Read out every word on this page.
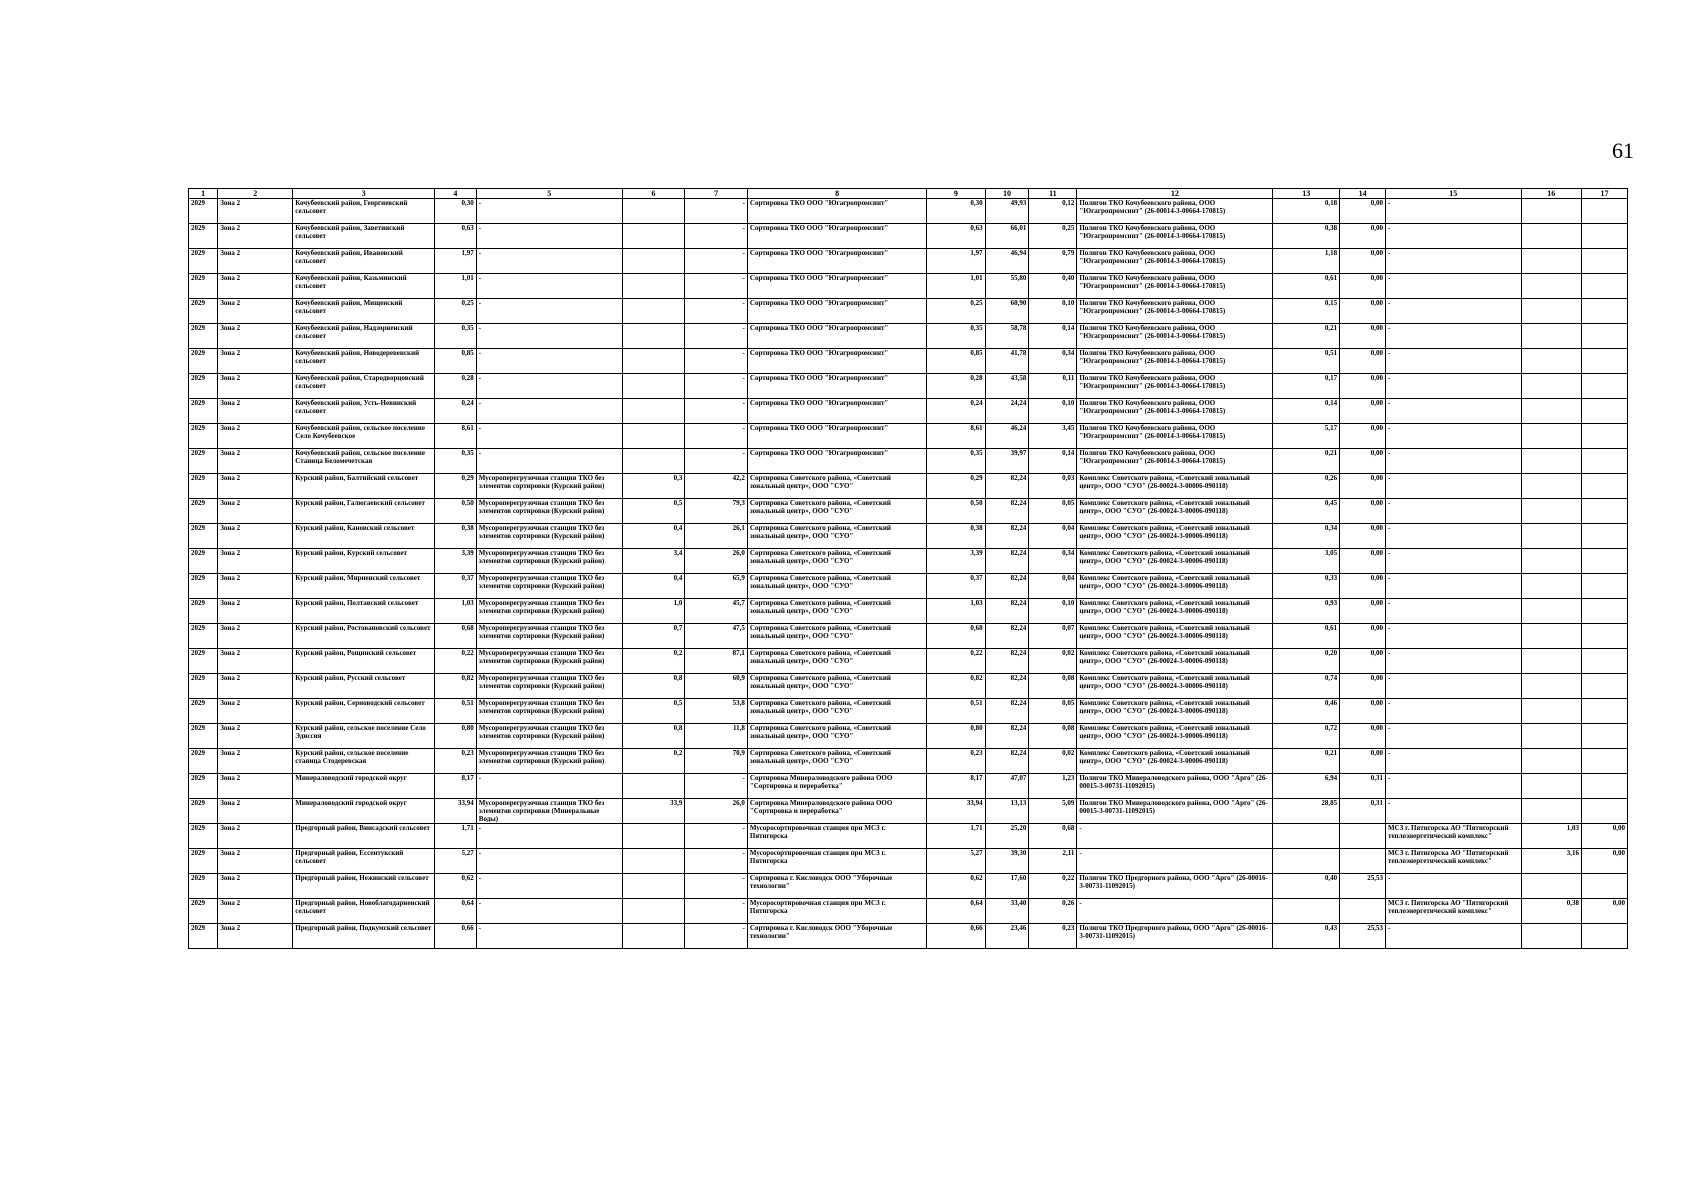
61
1	2	3	4	5	6	7	8	9	10	11	12	13	14	15	16	17
2029	Зона 2	Кочубеевский район, Георгиевский сельсовет	0,30	-		-	Сортировка ТКО ООО "Югагропромсинт"	0,30	49,93	0,12	Полигон ТКО Кочубеевского района, ООО "Югагропромсинт" (26-00014-3-00664-170815)	0,18	0,00	-		
2029	Зона 2	Кочубеевский район, Заветинский сельсовет	0,63	-		-	Сортировка ТКО ООО "Югагропромсинт"	0,63	66,01	0,25	Полигон ТКО Кочубеевского района, ООО "Югагропромсинт" (26-00014-3-00664-170815)	0,38	0,00	-		
2029	Зона 2	Кочубеевский район, Ивановский сельсовет	1,97	-		-	Сортировка ТКО ООО "Югагропромсинт"	1,97	46,94	0,79	Полигон ТКО Кочубеевского района, ООО "Югагропромсинт" (26-00014-3-00664-170815)	1,18	0,00	-		
2029	Зона 2	Кочубеевский район, Казьминский сельсовет	1,01	-		-	Сортировка ТКО ООО "Югагропромсинт"	1,01	55,80	0,40	Полигон ТКО Кочубеевского района, ООО "Югагропромсинт" (26-00014-3-00664-170815)	0,61	0,00	-		
2029	Зона 2	Кочубеевский район, Мищенский сельсовет	0,25	-		-	Сортировка ТКО ООО "Югагропромсинт"	0,25	60,90	0,10	Полигон ТКО Кочубеевского района, ООО "Югагропромсинт" (26-00014-3-00664-170815)	0,15	0,00	-		
2029	Зона 2	Кочубеевский район, Надзорненский сельсовет	0,35	-		-	Сортировка ТКО ООО "Югагропромсинт"	0,35	58,78	0,14	Полигон ТКО Кочубеевского района, ООО "Югагропромсинт" (26-00014-3-00664-170815)	0,21	0,00	-		
2029	Зона 2	Кочубеевский район, Новодеревенский сельсовет	0,85	-		-	Сортировка ТКО ООО "Югагропромсинт"	0,85	41,78	0,34	Полигон ТКО Кочубеевского района, ООО "Югагропромсинт" (26-00014-3-00664-170815)	0,51	0,00	-		
2029	Зона 2	Кочубеевский район, Стародворцовский сельсовет	0,28	-		-	Сортировка ТКО ООО "Югагропромсинт"	0,28	43,58	0,11	Полигон ТКО Кочубеевского района, ООО "Югагропромсинт" (26-00014-3-00664-170815)	0,17	0,00	-		
2029	Зона 2	Кочубеевский район, Усть-Невинский сельсовет	0,24	-		-	Сортировка ТКО ООО "Югагропромсинт"	0,24	24,24	0,10	Полигон ТКО Кочубеевского района, ООО "Югагропромсинт" (26-00014-3-00664-170815)	0,14	0,00	-		
2029	Зона 2	Кочубеевский район, сельское поселение Село Кочубеевское	8,61	-		-	Сортировка ТКО ООО "Югагропромсинт"	8,61	46,24	3,45	Полигон ТКО Кочубеевского района, ООО "Югагропромсинт" (26-00014-3-00664-170815)	5,17	0,00	-		
2029	Зона 2	Кочубеевский район, сельское поселение Станица Беломечетская	0,35	-		-	Сортировка ТКО ООО "Югагропромсинт"	0,35	39,97	0,14	Полигон ТКО Кочубеевского района, ООО "Югагропромсинт" (26-00014-3-00664-170815)	0,21	0,00	-		
2029	Зона 2	Курский район, Балтийский сельсовет	0,29	Мусороперегрузочная станция ТКО без элементов сортировки (Курский район)	0,3	42,2	Сортировка Советского района, «Советский зональный центр», ООО "СУО"	0,29	82,24	0,03	Комплекс Советского района, «Советский зональный центр», ООО "СУО" (26-00024-3-00006-090118)	0,26	0,00	-		
2029	Зона 2	Курский район, Галюгаевский сельсовет	0,50	Мусороперегрузочная станция ТКО без элементов сортировки (Курский район)	0,5	79,3	Сортировка Советского района, «Советский зональный центр», ООО "СУО"	0,50	82,24	0,05	Комплекс Советского района, «Советский зональный центр», ООО "СУО" (26-00024-3-00006-090118)	0,45	0,00	-		
2029	Зона 2	Курский район, Кановский сельсовет	0,38	Мусороперегрузочная станция ТКО без элементов сортировки (Курский район)	0,4	26,1	Сортировка Советского района, «Советский зональный центр», ООО "СУО"	0,38	82,24	0,04	Комплекс Советского района, «Советский зональный центр», ООО "СУО" (26-00024-3-00006-090118)	0,34	0,00	-		
2029	Зона 2	Курский район, Курский сельсовет	3,39	Мусороперегрузочная станция ТКО без элементов сортировки (Курский район)	3,4	26,0	Сортировка Советского района, «Советский зональный центр», ООО "СУО"	3,39	82,24	0,34	Комплекс Советского района, «Советский зональный центр», ООО "СУО" (26-00024-3-00006-090118)	3,05	0,00	-		
2029	Зона 2	Курский район, Мирненский сельсовет	0,37	Мусороперегрузочная станция ТКО без элементов сортировки (Курский район)	0,4	65,9	Сортировка Советского района, «Советский зональный центр», ООО "СУО"	0,37	82,24	0,04	Комплекс Советского района, «Советский зональный центр», ООО "СУО" (26-00024-3-00006-090118)	0,33	0,00	-		
2029	Зона 2	Курский район, Полтавский сельсовет	1,03	Мусороперегрузочная станция ТКО без элементов сортировки (Курский район)	1,0	45,7	Сортировка Советского района, «Советский зональный центр», ООО "СУО"	1,03	82,24	0,10	Комплекс Советского района, «Советский зональный центр», ООО "СУО" (26-00024-3-00006-090118)	0,93	0,00	-		
2029	Зона 2	Курский район, Ростовановский сельсовет	0,68	Мусороперегрузочная станция ТКО без элементов сортировки (Курский район)	0,7	47,5	Сортировка Советского района, «Советский зональный центр», ООО "СУО"	0,68	82,24	0,07	Комплекс Советского района, «Советский зональный центр», ООО "СУО" (26-00024-3-00006-090118)	0,61	0,00	-		
2029	Зона 2	Курский район, Рощинский сельсовет	0,22	Мусороперегрузочная станция ТКО без элементов сортировки (Курский район)	0,2	87,1	Сортировка Советского района, «Советский зональный центр», ООО "СУО"	0,22	82,24	0,02	Комплекс Советского района, «Советский зональный центр», ООО "СУО" (26-00024-3-00006-090118)	0,20	0,00	-		
2029	Зона 2	Курский район, Русский сельсовет	0,82	Мусороперегрузочная станция ТКО без элементов сортировки (Курский район)	0,8	60,9	Сортировка Советского района, «Советский зональный центр», ООО "СУО"	0,82	82,24	0,08	Комплекс Советского района, «Советский зональный центр», ООО "СУО" (26-00024-3-00006-090118)	0,74	0,00	-		
2029	Зона 2	Курский район, Серноводский сельсовет	0,51	Мусороперегрузочная станция ТКО без элементов сортировки (Курский район)	0,5	53,8	Сортировка Советского района, «Советский зональный центр», ООО "СУО"	0,51	82,24	0,05	Комплекс Советского района, «Советский зональный центр», ООО "СУО" (26-00024-3-00006-090118)	0,46	0,00	-		
2029	Зона 2	Курский район, сельское поселение Село Эдиссия	0,80	Мусороперегрузочная станция ТКО без элементов сортировки (Курский район)	0,8	11,8	Сортировка Советского района, «Советский зональный центр», ООО "СУО"	0,80	82,24	0,08	Комплекс Советского района, «Советский зональный центр», ООО "СУО" (26-00024-3-00006-090118)	0,72	0,00	-		
2029	Зона 2	Курский район, сельское поселение станица Стодеревская	0,23	Мусороперегрузочная станция ТКО без элементов сортировки (Курский район)	0,2	70,9	Сортировка Советского района, «Советский зональный центр», ООО "СУО"	0,23	82,24	0,02	Комплекс Советского района, «Советский зональный центр», ООО "СУО" (26-00024-3-00006-090118)	0,21	0,00	-		
2029	Зона 2	Минераловодский городской округ	8,17	-		-	Сортировка Минераловодского района ООО "Сортировка и переработка"	8,17	47,07	1,23	Полигон ТКО Минераловодского района, ООО "Арго" (26-00015-3-00731-11092015)	6,94	0,31	-		
2029	Зона 2	Минераловодский городской округ	33,94	Мусороперегрузочная станция ТКО без элементов сортировки (Минеральные Воды)	33,9	26,0	Сортировка Минераловодского района ООО "Сортировка и переработка"	33,94	13,13	5,09	Полигон ТКО Минераловодского района, ООО "Арго" (26-00015-3-00731-11092015)	28,85	0,31	-		
2029	Зона 2	Предгорный район, Винсадский сельсовет	1,71	-		-	Мусоросортировочная станция при МСЗ г. Пятигорска	1,71	25,20	0,68	-			МСЗ г. Пятигорска АО "Пятигорский теплоэнергетический комплекс"	1,03	0,00
2029	Зона 2	Предгорный район, Ессентукский сельсовет	5,27	-		-	Мусоросортировочная станция при МСЗ г. Пятигорска	5,27	39,30	2,11	-			МСЗ г. Пятигорска АО "Пятигорский теплоэнергетический комплекс"	3,16	0,00
2029	Зона 2	Предгорный район, Нежинский сельсовет	0,62	-		-	Сортировка г. Кисловодск ООО "Уборочные технологии"	0,62	17,60	0,22	Полигон ТКО Предгорного района, ООО "Арго" (26-00016-3-00731-11092015)	0,40	25,53	-		
2029	Зона 2	Предгорный район, Новоблагодарненский сельсовет	0,64	-		-	Мусоросортировочная станция при МСЗ г. Пятигорска	0,64	33,40	0,26	-			МСЗ г. Пятигорска АО "Пятигорский теплоэнергетический комплекс"	0,38	0,00
2029	Зона 2	Предгорный район, Подкумский сельсовет	0,66	-		-	Сортировка г. Кисловодск ООО "Уборочные технологии"	0,66	23,46	0,23	Полигон ТКО Предгорного района, ООО "Арго" (26-00016-3-00731-11092015)	0,43	25,53	-		
